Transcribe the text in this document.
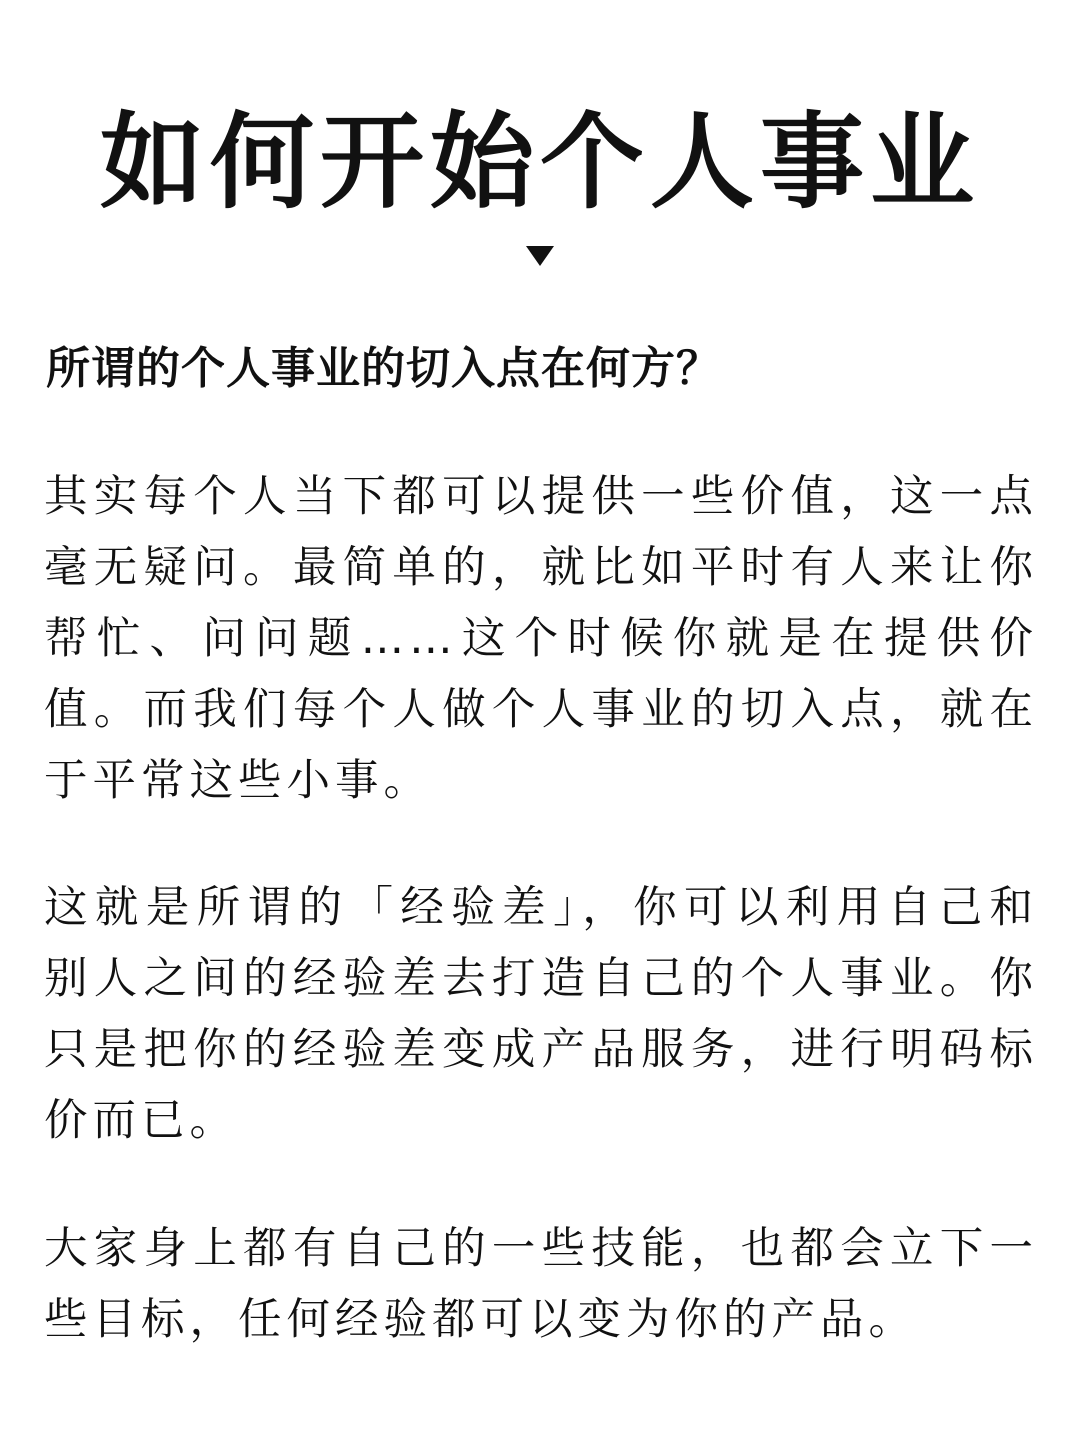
如何开始个人事业
所谓的个人事业的切入点在何方？
其实每个人当下都可以提供一些价值，这一点毫无疑问。最简单的，就比如平时有人来让你帮忙、问问题……这个时候你就是在提供价值。而我们每个人做个人事业的切入点，就在于平常这些小事。
这就是所谓的「经验差」，你可以利用自己和别人之间的经验差去打造自己的个人事业。你只是把你的经验差变成产品服务，进行明码标价而已。
大家身上都有自己的一些技能，也都会立下一些目标，任何经验都可以变为你的产品。
